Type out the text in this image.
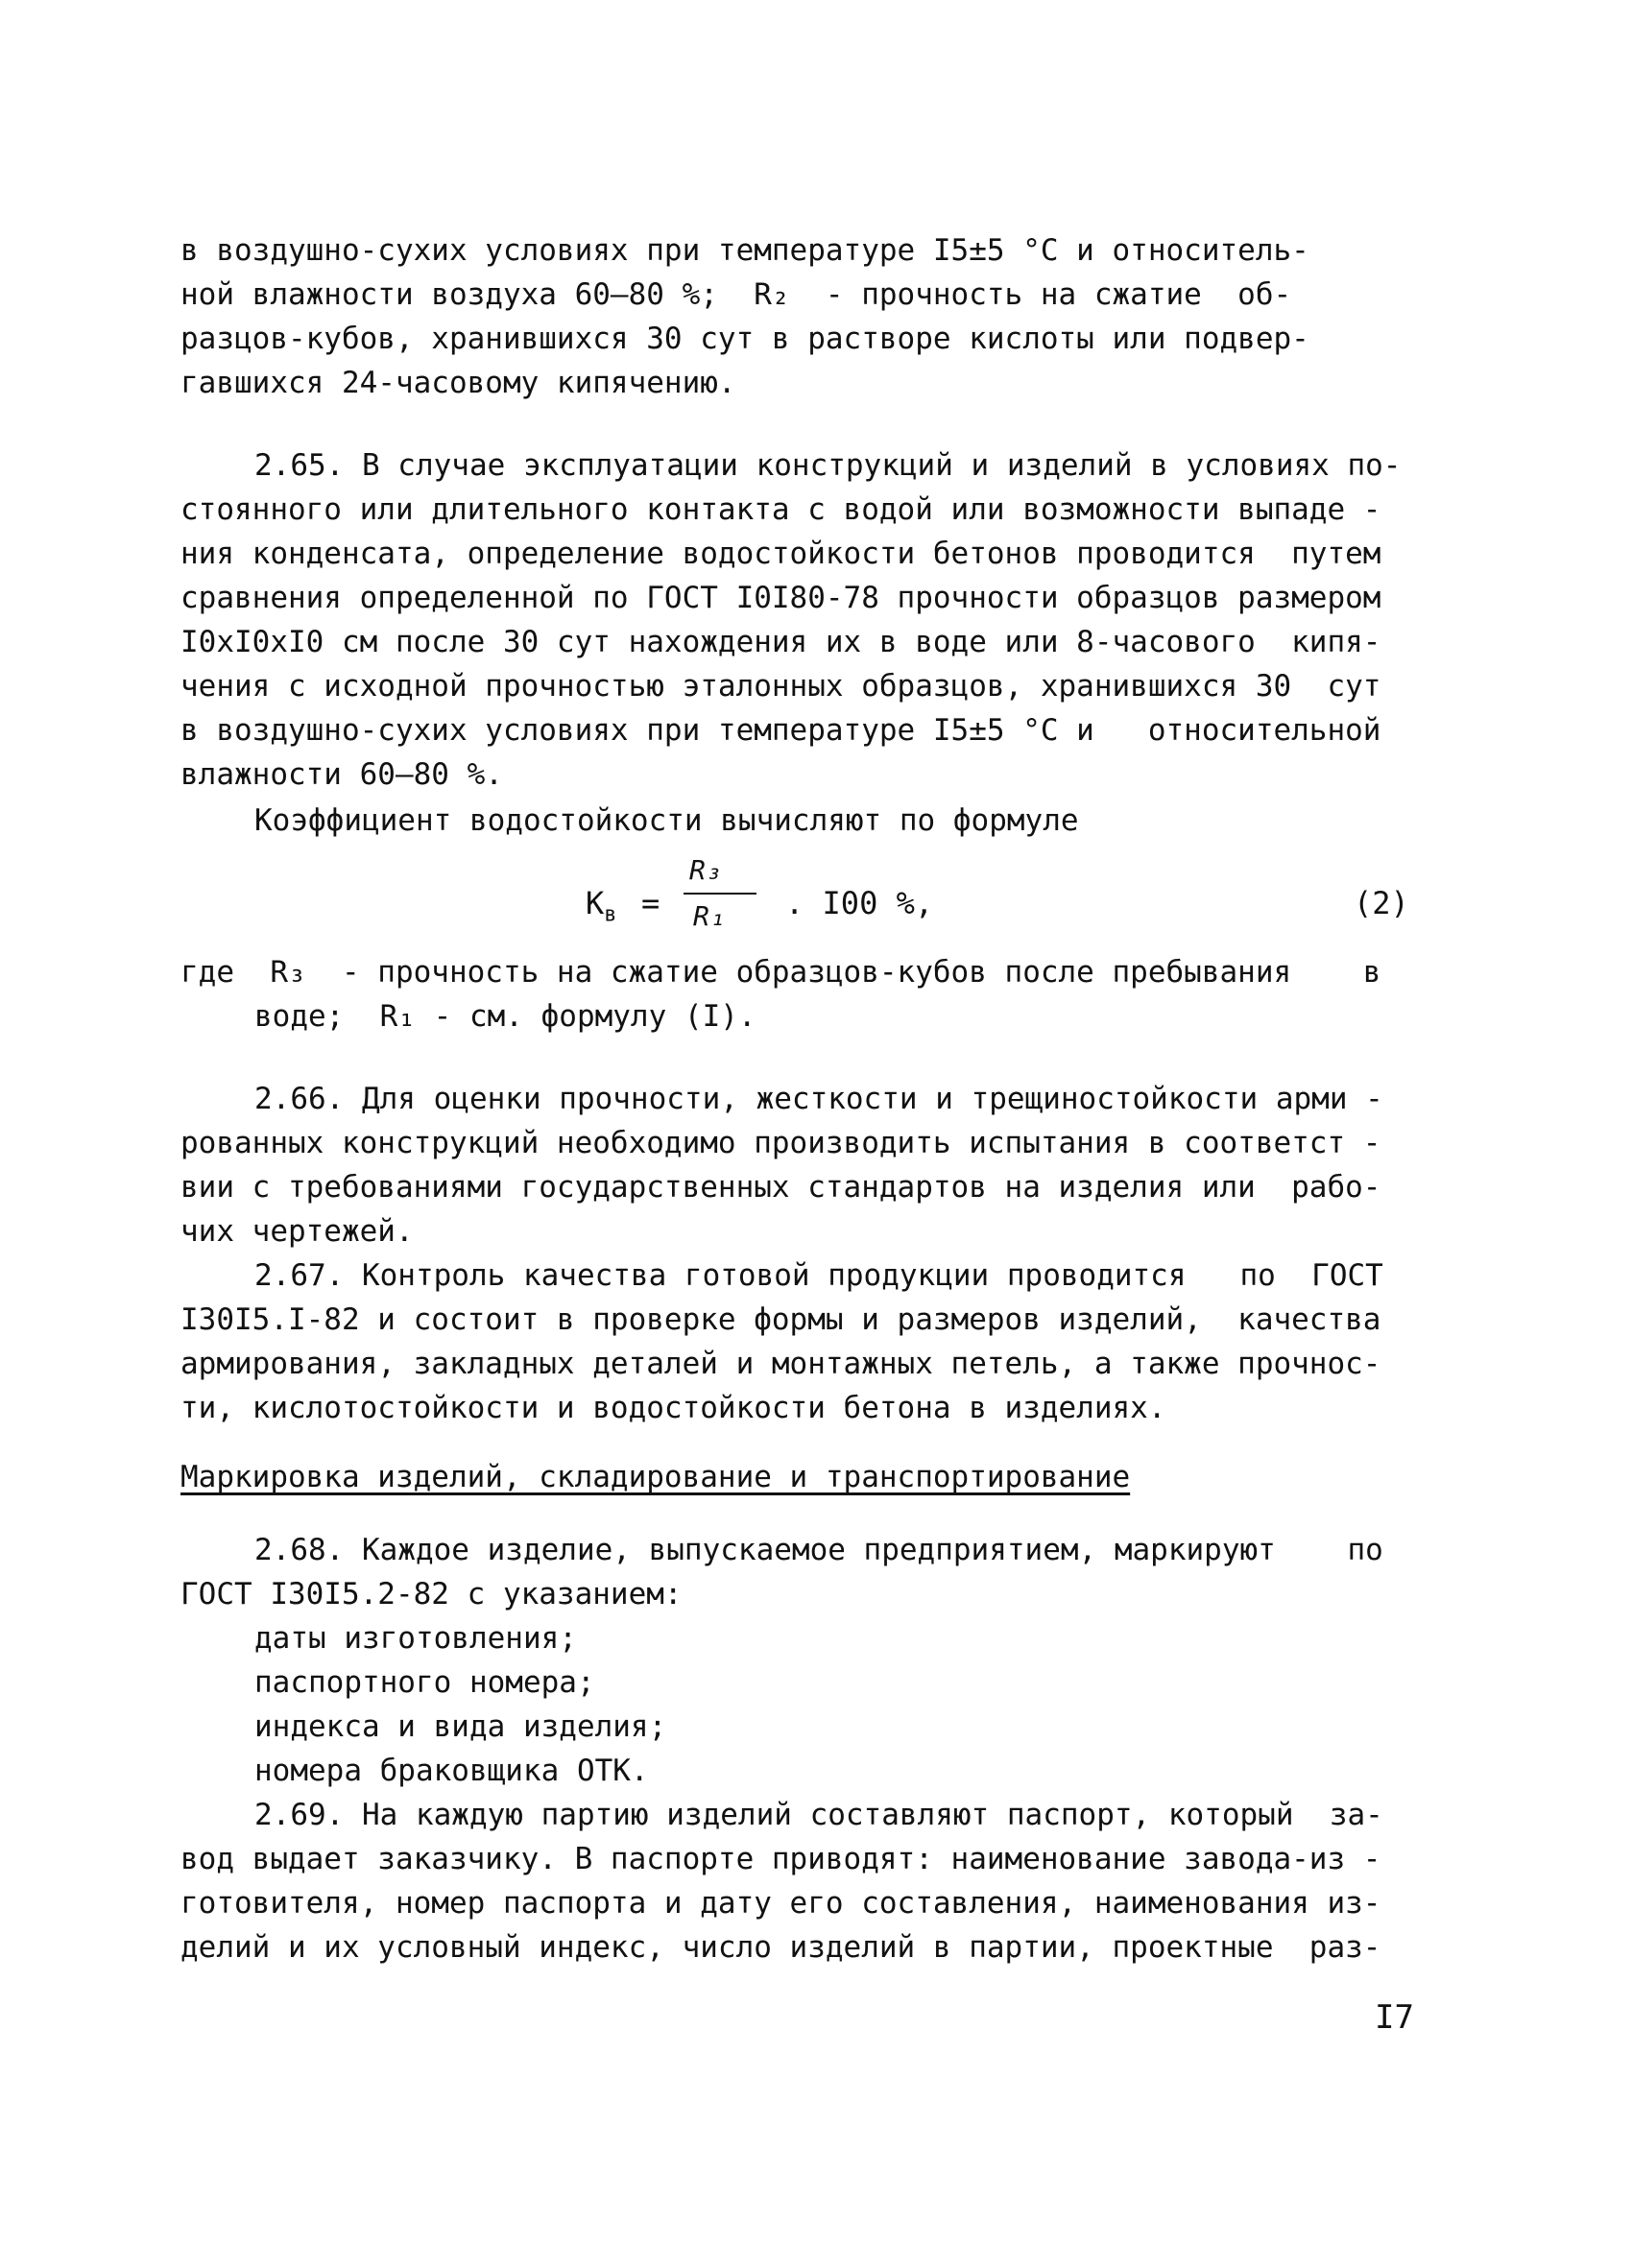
в воздушно-сухих условиях при температуре I5±5 °С и относитель-
ной влажности воздуха 60–80 %;  R₂  - прочность на сжатие  об-
разцов-кубов, хранившихся 30 сут в растворе кислоты или подвер-
гавшихся 24-часовому кипячению.
2.65. В случае эксплуатации конструкций и изделий в условиях по-
стоянного или длительного контакта с водой или возможности выпаде -
ния конденсата, определение водостойкости бетонов проводится  путем
сравнения определенной по ГОСТ I0I80-78 прочности образцов размером
I0xI0xI0 см после 30 сут нахождения их в воде или 8-часового  кипя-
чения с исходной прочностью эталонных образцов, хранившихся 30  сут
в воздушно-сухих условиях при температуре I5±5 °С и   относительной
влажности 60–80 %.
Коэффициент водостойкости вычисляют по формуле
$К_в$ =
R₃
R₁ . I00 %,	(2)
где  R₃  - прочность на сжатие образцов-кубов после пребывания    в
воде;  R₁ - см. формулу (I).
2.66. Для оценки прочности, жесткости и трещиностойкости арми -
рованных конструкций необходимо производить испытания в соответст -
вии с требованиями государственных стандартов на изделия или  рабо-
чих чертежей.
2.67. Контроль качества готовой продукции проводится   по  ГОСТ
I30I5.I-82 и состоит в проверке формы и размеров изделий,  качества
армирования, закладных деталей и монтажных петель, а также прочнос-
ти, кислотостойкости и водостойкости бетона в изделиях.
Маркировка изделий, складирование и транспортирование
2.68. Каждое изделие, выпускаемое предприятием, маркируют    по
ГОСТ I30I5.2-82 с указанием:
даты изготовления;
паспортного номера;
индекса и вида изделия;
номера браковщика ОТК.
2.69. На каждую партию изделий составляют паспорт, который  за-
вод выдает заказчику. В паспорте приводят: наименование завода-из -
готовителя, номер паспорта и дату его составления, наименования из-
делий и их условный индекс, число изделий в партии, проектные  раз-
I7
